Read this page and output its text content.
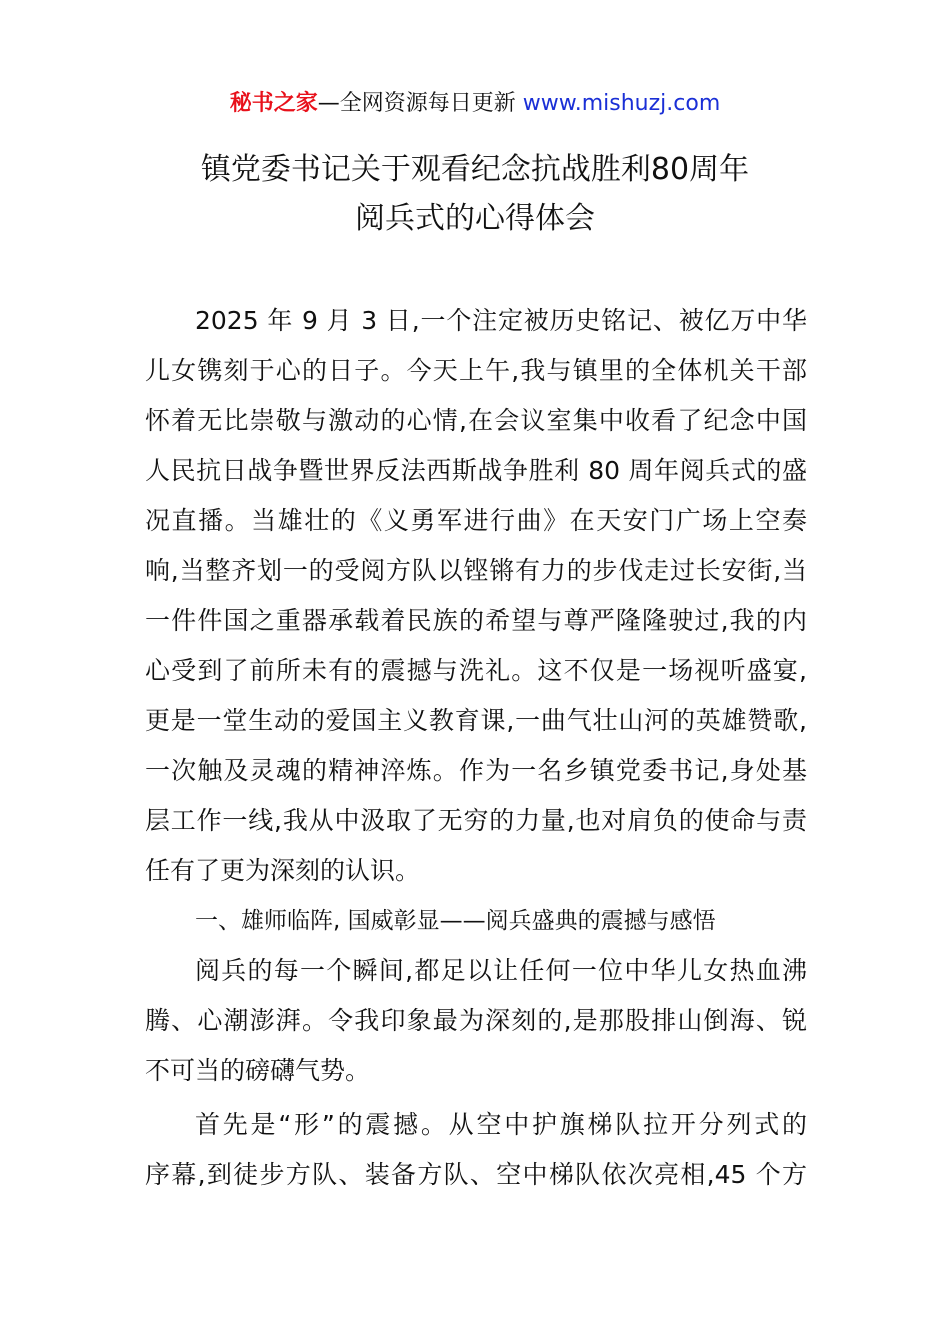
秘书之家—全网资源每日更新 www.mishuzj.com
镇党委书记关于观看纪念抗战胜利80周年
阅兵式的心得体会
2025 年 9 月 3 日,一个注定被历史铭记、被亿万中华
儿女镌刻于心的日子。今天上午,我与镇里的全体机关干部
怀着无比崇敬与激动的心情,在会议室集中收看了纪念中国
人民抗日战争暨世界反法西斯战争胜利 80 周年阅兵式的盛
况直播。当雄壮的《义勇军进行曲》在天安门广场上空奏
响,当整齐划一的受阅方队以铿锵有力的步伐走过长安街,当
一件件国之重器承载着民族的希望与尊严隆隆驶过,我的内
心受到了前所未有的震撼与洗礼。这不仅是一场视听盛宴,
更是一堂生动的爱国主义教育课,一曲气壮山河的英雄赞歌,
一次触及灵魂的精神淬炼。作为一名乡镇党委书记,身处基
层工作一线,我从中汲取了无穷的力量,也对肩负的使命与责
任有了更为深刻的认识。
一、雄师临阵, 国威彰显——阅兵盛典的震撼与感悟
阅兵的每一个瞬间,都足以让任何一位中华儿女热血沸
腾、心潮澎湃。令我印象最为深刻的,是那股排山倒海、锐
不可当的磅礴气势。
首先是“形”的震撼。从空中护旗梯队拉开分列式的
序幕,到徒步方队、装备方队、空中梯队依次亮相,45 个方
